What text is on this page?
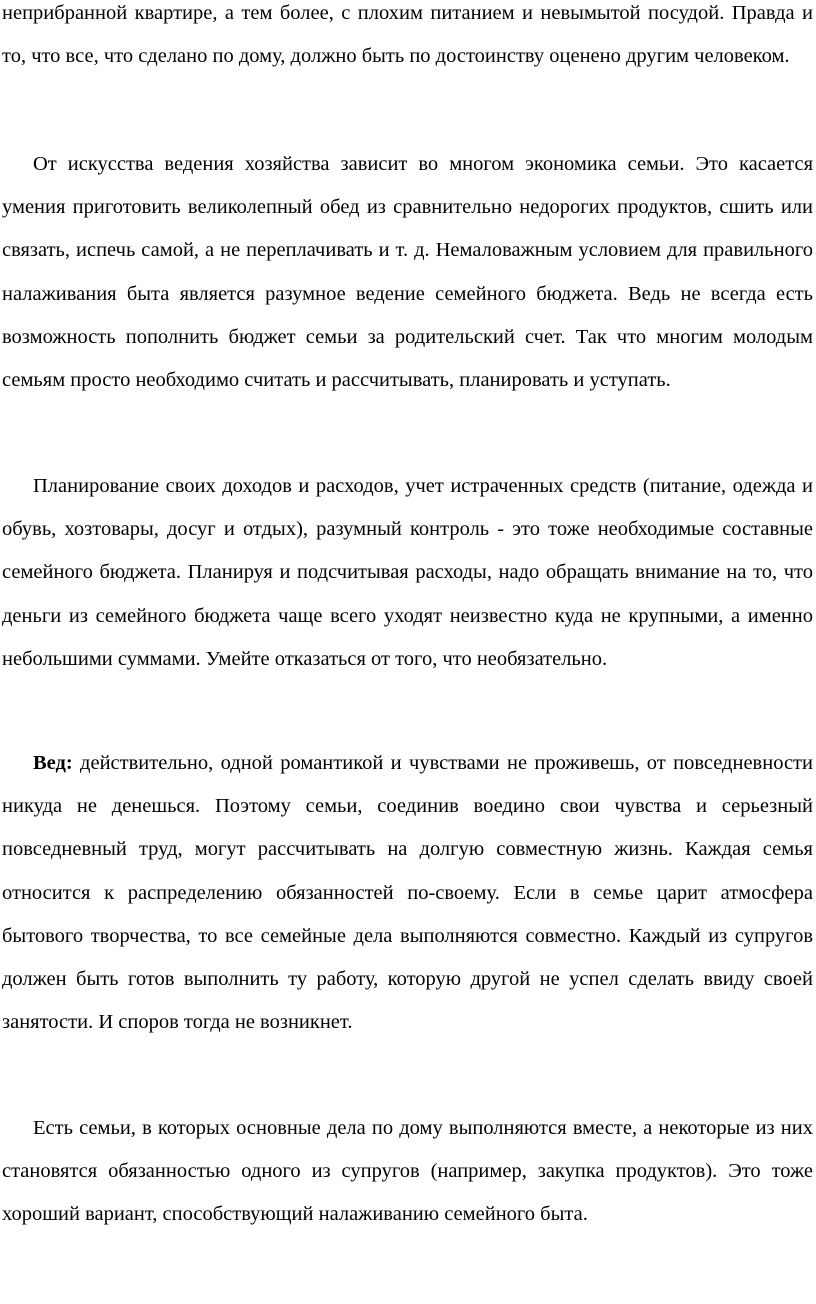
неприбранной квартире, а тем более, с плохим питанием и невымытой посудой. Правда и то, что все, что сделано по дому, должно быть по достоинству оценено другим человеком.

От искусства ведения хозяйства зависит во многом экономика семьи. Это касается умения приготовить великолепный обед из сравнительно недорогих продуктов, сшить или связать, испечь самой, а не переплачивать и т. д. Немаловажным условием для правильного налаживания быта является разумное ведение семейного бюджета. Ведь не всегда есть возможность пополнить бюджет семьи за родительский счет. Так что многим молодым семьям просто необходимо считать и рассчитывать, планировать и уступать.

Планирование своих доходов и расходов, учет истраченных средств (питание, одежда и обувь, хозтовары, досуг и отдых), разумный контроль - это тоже необходимые составные семейного бюджета. Планируя и подсчитывая расходы, надо обращать внимание на то, что деньги из семейного бюджета чаще всего уходят неизвестно куда не крупными, а именно небольшими суммами. Умейте отказаться от того, что необязательно.

Вед: действительно, одной романтикой и чувствами не проживешь, от повседневности никуда не денешься. Поэтому семьи, соединив воедино свои чувства и серьезный повседневный труд, могут рассчитывать на долгую совместную жизнь. Каждая семья относится к распределению обязанностей по-своему. Если в семье царит атмосфера бытового творчества, то все семейные дела выполняются совместно. Каждый из супругов должен быть готов выполнить ту работу, которую другой не успел сделать ввиду своей занятости. И споров тогда не возникнет.

Есть семьи, в которых основные дела по дому выполняются вместе, а некоторые из них становятся обязанностью одного из супругов (например, закупка продуктов). Это тоже хороший вариант, способствующий налаживанию семейного быта.
